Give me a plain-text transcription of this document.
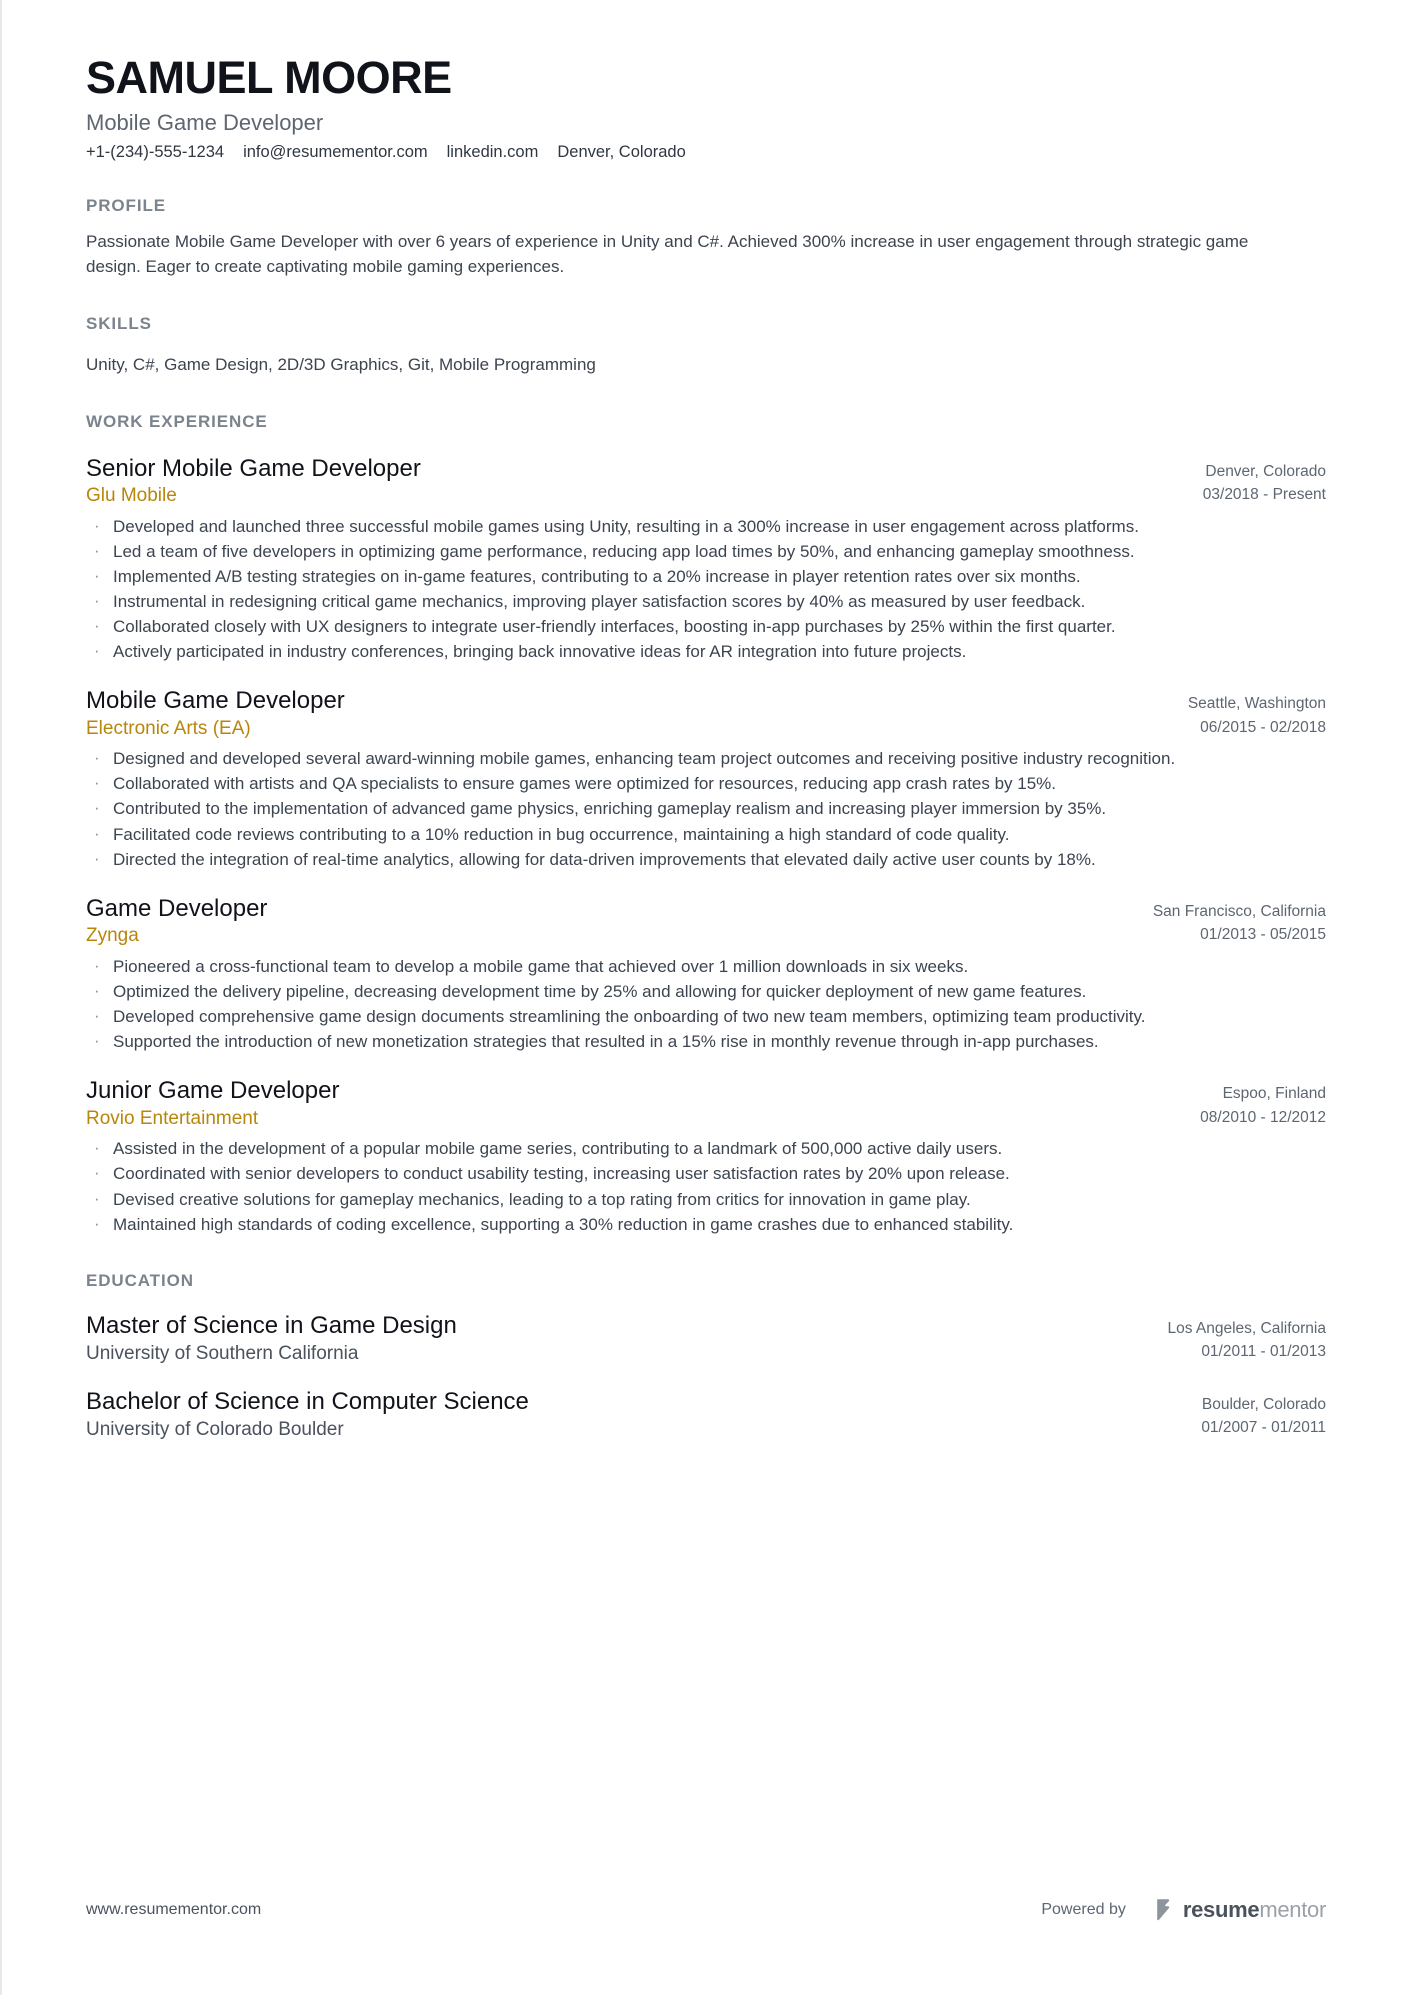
SAMUEL MOORE
Mobile Game Developer
+1-(234)-555-1234 info@resumementor.com linkedin.com Denver, Colorado
PROFILE
Passionate Mobile Game Developer with over 6 years of experience in Unity and C#. Achieved 300% increase in user engagement through strategic game design. Eager to create captivating mobile gaming experiences.
SKILLS
Unity, C#, Game Design, 2D/3D Graphics, Git, Mobile Programming
WORK EXPERIENCE
Senior Mobile Game Developer
Glu Mobile
Denver, Colorado
03/2018 - Present
· Developed and launched three successful mobile games using Unity, resulting in a 300% increase in user engagement across platforms.
· Led a team of five developers in optimizing game performance, reducing app load times by 50%, and enhancing gameplay smoothness.
· Implemented A/B testing strategies on in-game features, contributing to a 20% increase in player retention rates over six months.
· Instrumental in redesigning critical game mechanics, improving player satisfaction scores by 40% as measured by user feedback.
· Collaborated closely with UX designers to integrate user-friendly interfaces, boosting in-app purchases by 25% within the first quarter.
· Actively participated in industry conferences, bringing back innovative ideas for AR integration into future projects.
Mobile Game Developer
Electronic Arts (EA)
Seattle, Washington
06/2015 - 02/2018
· Designed and developed several award-winning mobile games, enhancing team project outcomes and receiving positive industry recognition.
· Collaborated with artists and QA specialists to ensure games were optimized for resources, reducing app crash rates by 15%.
· Contributed to the implementation of advanced game physics, enriching gameplay realism and increasing player immersion by 35%.
· Facilitated code reviews contributing to a 10% reduction in bug occurrence, maintaining a high standard of code quality.
· Directed the integration of real-time analytics, allowing for data-driven improvements that elevated daily active user counts by 18%.
Game Developer
Zynga
San Francisco, California
01/2013 - 05/2015
· Pioneered a cross-functional team to develop a mobile game that achieved over 1 million downloads in six weeks.
· Optimized the delivery pipeline, decreasing development time by 25% and allowing for quicker deployment of new game features.
· Developed comprehensive game design documents streamlining the onboarding of two new team members, optimizing team productivity.
· Supported the introduction of new monetization strategies that resulted in a 15% rise in monthly revenue through in-app purchases.
Junior Game Developer
Rovio Entertainment
Espoo, Finland
08/2010 - 12/2012
· Assisted in the development of a popular mobile game series, contributing to a landmark of 500,000 active daily users.
· Coordinated with senior developers to conduct usability testing, increasing user satisfaction rates by 20% upon release.
· Devised creative solutions for gameplay mechanics, leading to a top rating from critics for innovation in game play.
· Maintained high standards of coding excellence, supporting a 30% reduction in game crashes due to enhanced stability.
EDUCATION
Master of Science in Game Design
University of Southern California
Los Angeles, California
01/2011 - 01/2013
Bachelor of Science in Computer Science
University of Colorado Boulder
Boulder, Colorado
01/2007 - 01/2011
www.resumementor.com	Powered by	resume mentor
